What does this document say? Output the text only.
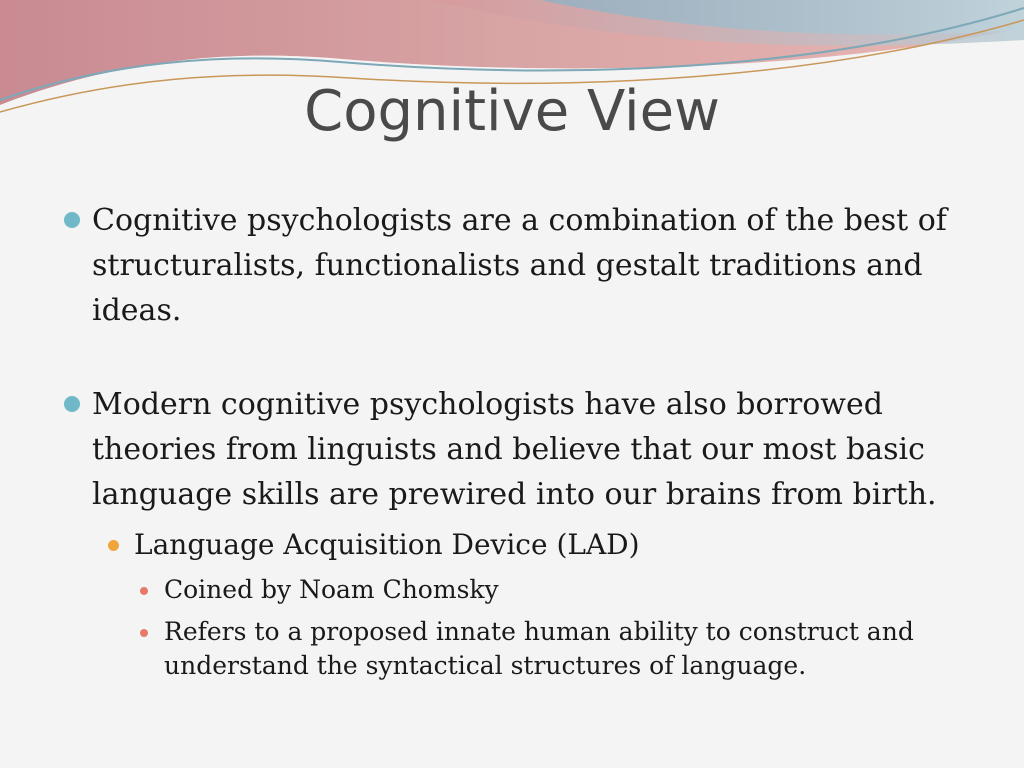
Cognitive View
Cognitive psychologists are a combination of the best of structuralists, functionalists and gestalt traditions and ideas.
Modern cognitive psychologists have also borrowed theories from linguists and believe that our most basic language skills are prewired into our brains from birth.
Language Acquisition Device (LAD)
Coined by Noam Chomsky
Refers to a proposed innate human ability to construct and understand the syntactical structures of language.
